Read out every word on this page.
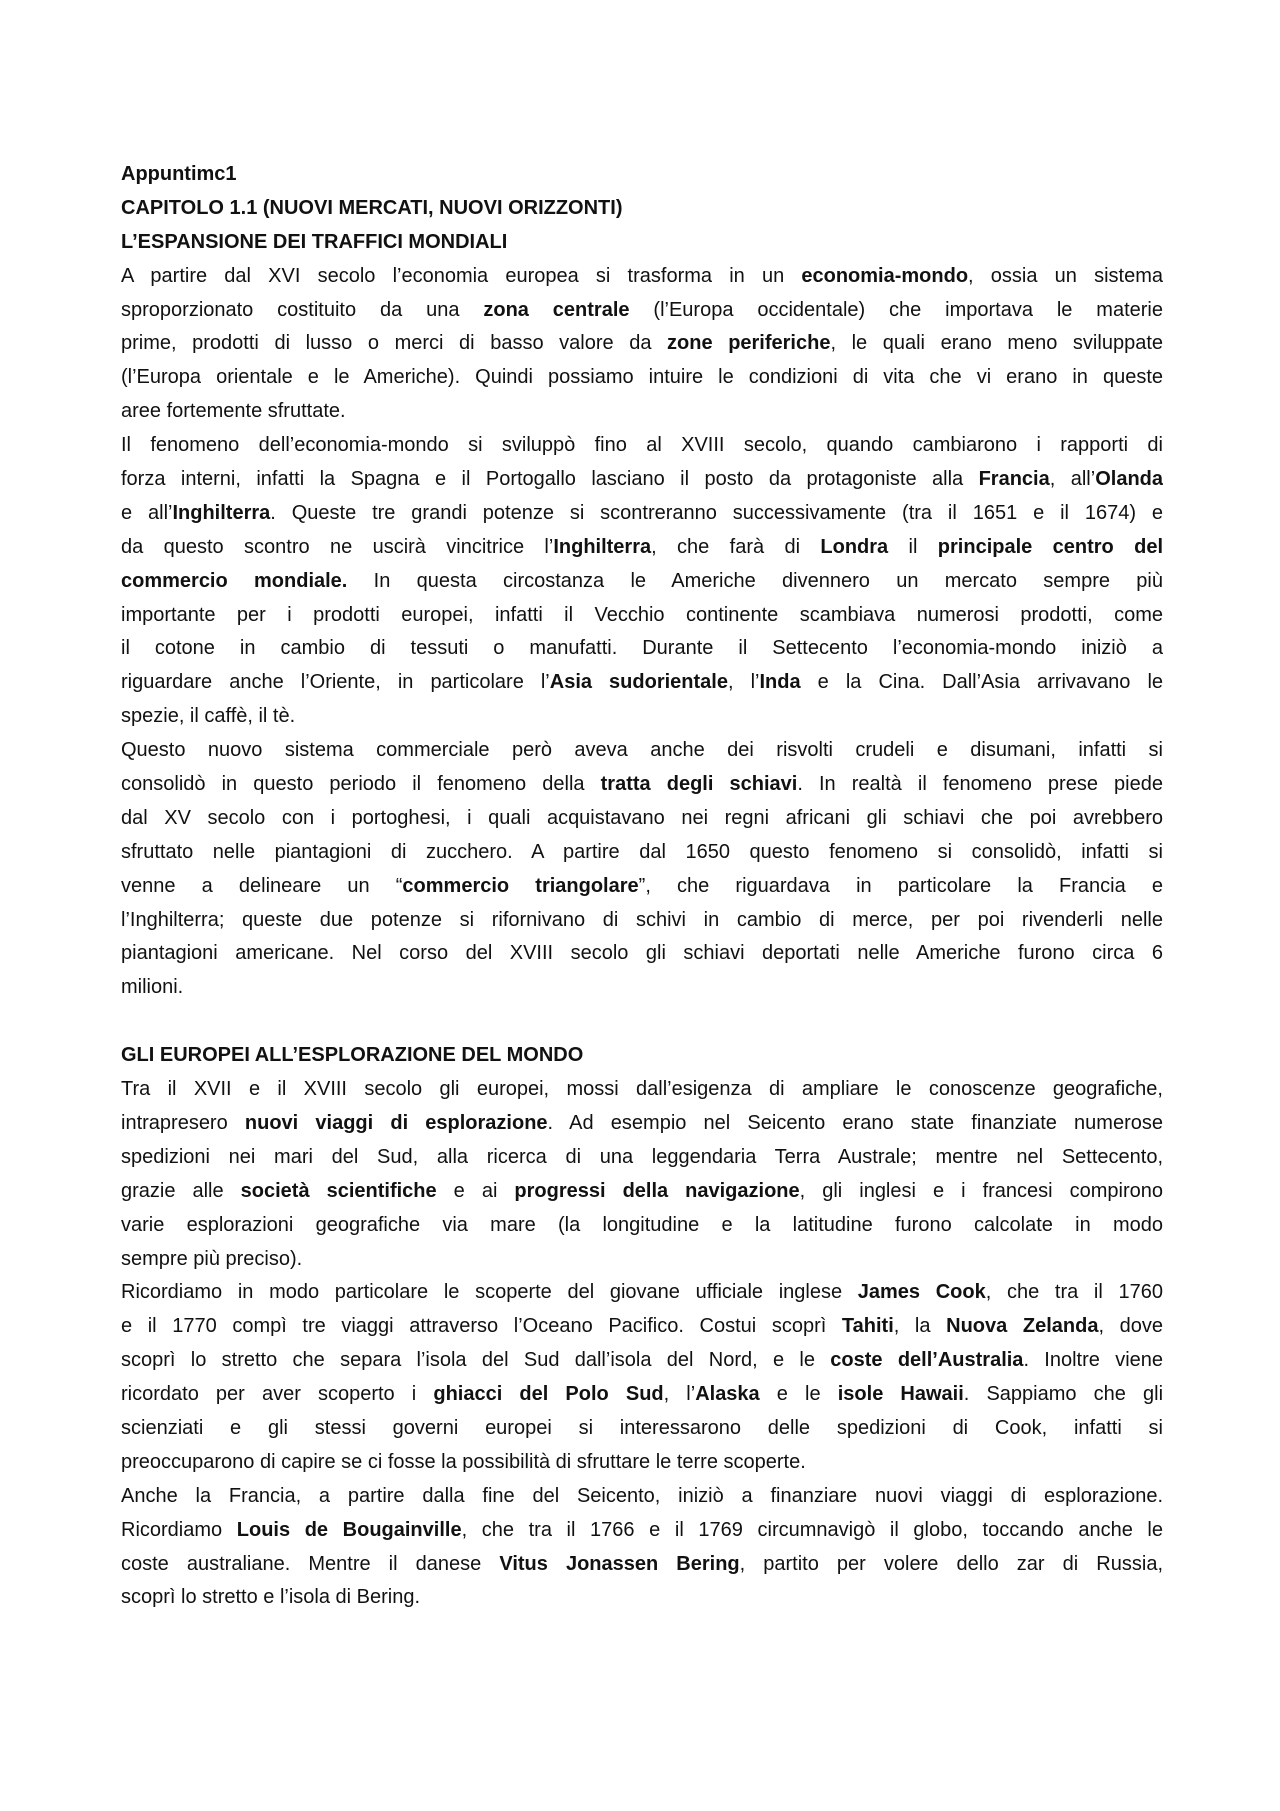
Appuntimc1
CAPITOLO 1.1 (NUOVI MERCATI, NUOVI ORIZZONTI)
L’ESPANSIONE DEI TRAFFICI MONDIALI
A partire dal XVI secolo l’economia europea si trasforma in un economia-mondo, ossia un sistema
sproporzionato costituito da una zona centrale (l’Europa occidentale) che importava le materie
prime, prodotti di lusso o merci di basso valore da zone periferiche, le quali erano meno sviluppate
(l’Europa orientale e le Americhe). Quindi possiamo intuire le condizioni di vita che vi erano in queste
aree fortemente sfruttate.
Il fenomeno dell’economia-mondo si sviluppò fino al XVIII secolo, quando cambiarono i rapporti di
forza interni, infatti la Spagna e il Portogallo lasciano il posto da protagoniste alla Francia, all’Olanda
e all’Inghilterra. Queste tre grandi potenze si scontreranno successivamente (tra il 1651 e il 1674) e
da questo scontro ne uscirà vincitrice l’Inghilterra, che farà di Londra il principale centro del
commercio mondiale. In questa circostanza le Americhe divennero un mercato sempre più
importante per i prodotti europei, infatti il Vecchio continente scambiava numerosi prodotti, come
il cotone in cambio di tessuti o manufatti. Durante il Settecento l’economia-mondo iniziò a
riguardare anche l’Oriente, in particolare l’Asia sudorientale, l’Inda e la Cina. Dall’Asia arrivavano le
spezie, il caffè, il tè.
Questo nuovo sistema commerciale però aveva anche dei risvolti crudeli e disumani, infatti si
consolidò in questo periodo il fenomeno della tratta degli schiavi. In realtà il fenomeno prese piede
dal XV secolo con i portoghesi, i quali acquistavano nei regni africani gli schiavi che poi avrebbero
sfruttato nelle piantagioni di zucchero. A partire dal 1650 questo fenomeno si consolidò, infatti si
venne a delineare un “commercio triangolare”, che riguardava in particolare la Francia e
l’Inghilterra; queste due potenze si rifornivano di schivi in cambio di merce, per poi rivenderli nelle
piantagioni americane. Nel corso del XVIII secolo gli schiavi deportati nelle Americhe furono circa 6
milioni.
GLI EUROPEI ALL’ESPLORAZIONE DEL MONDO
Tra il XVII e il XVIII secolo gli europei, mossi dall’esigenza di ampliare le conoscenze geografiche,
intrapresero nuovi viaggi di esplorazione. Ad esempio nel Seicento erano state finanziate numerose
spedizioni nei mari del Sud, alla ricerca di una leggendaria Terra Australe; mentre nel Settecento,
grazie alle società scientifiche e ai progressi della navigazione, gli inglesi e i francesi compirono
varie esplorazioni geografiche via mare (la longitudine e la latitudine furono calcolate in modo
sempre più preciso).
Ricordiamo in modo particolare le scoperte del giovane ufficiale inglese James Cook, che tra il 1760
e il 1770 compì tre viaggi attraverso l’Oceano Pacifico. Costui scoprì Tahiti, la Nuova Zelanda, dove
scoprì lo stretto che separa l’isola del Sud dall’isola del Nord, e le coste dell’Australia. Inoltre viene
ricordato per aver scoperto i ghiacci del Polo Sud, l’Alaska e le isole Hawaii. Sappiamo che gli
scienziati e gli stessi governi europei si interessarono delle spedizioni di Cook, infatti si
preoccuparono di capire se ci fosse la possibilità di sfruttare le terre scoperte.
Anche la Francia, a partire dalla fine del Seicento, iniziò a finanziare nuovi viaggi di esplorazione.
Ricordiamo Louis de Bougainville, che tra il 1766 e il 1769 circumnavigò il globo, toccando anche le
coste australiane. Mentre il danese Vitus Jonassen Bering, partito per volere dello zar di Russia,
scoprì lo stretto e l’isola di Bering.
